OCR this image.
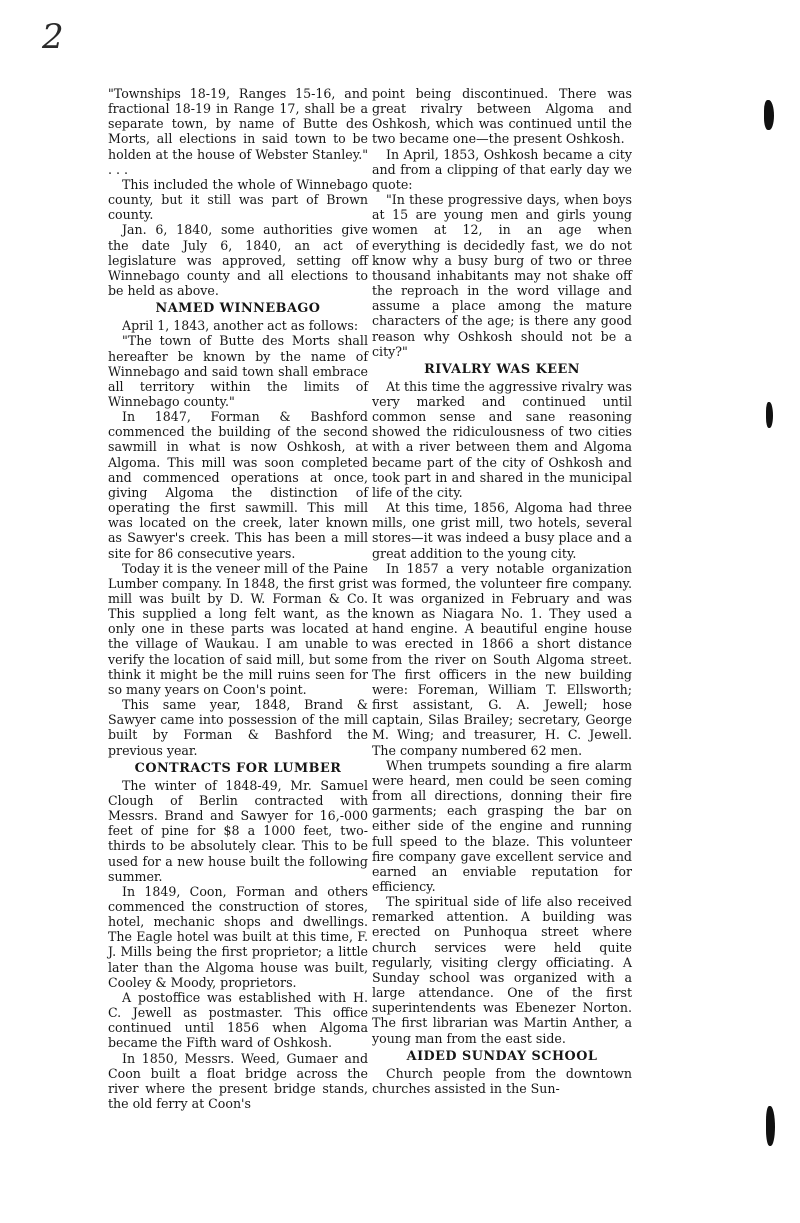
2

"Townships 18-19, Ranges 15-16, and fractional 18-19 in Range 17, shall be a separate town, by name of Butte des Morts, all elections in said town to be holden at the house of Webster Stanley." . . .

This included the whole of Winnebago county, but it still was part of Brown county.

Jan. 6, 1840, some authorities give the date July 6, 1840, an act of legislature was approved, setting off Winnebago county and all elections to be held as above.

NAMED WINNEBAGO

April 1, 1843, another act as follows:

"The town of Butte des Morts shall hereafter be known by the name of Winnebago and said town shall embrace all territory within the limits of Winnebago county."

In 1847, Forman & Bashford commenced the building of the second sawmill in what is now Oshkosh, at Algoma. This mill was soon completed and commenced operations at once, giving Algoma the distinction of operating the first sawmill. This mill was located on the creek, later known as Sawyer's creek. This has been a mill site for 86 consecutive years.

Today it is the veneer mill of the Paine Lumber company. In 1848, the first grist mill was built by D. W. Forman & Co. This supplied a long felt want, as the only one in these parts was located at the village of Waukau. I am unable to verify the location of said mill, but some think it might be the mill ruins seen for so many years on Coon's point.

This same year, 1848, Brand & Sawyer came into possession of the mill built by Forman & Bashford the previous year.

CONTRACTS FOR LUMBER

The winter of 1848-49, Mr. Samuel Clough of Berlin contracted with Messrs. Brand and Sawyer for 16,-000 feet of pine for $8 a 1000 feet, two-thirds to be absolutely clear. This to be used for a new house built the following summer.

In 1849, Coon, Forman and others commenced the construction of stores, hotel, mechanic shops and dwellings. The Eagle hotel was built at this time, F. J. Mills being the first proprietor; a little later than the Algoma house was built, Cooley & Moody, proprietors.

A postoffice was established with H. C. Jewell as postmaster. This office continued until 1856 when Algoma became the Fifth ward of Oshkosh.

In 1850, Messrs. Weed, Gumaer and Coon built a float bridge across the river where the present bridge stands, the old ferry at Coon's

point being discontinued. There was great rivalry between Algoma and Oshkosh, which was continued until the two became one—the present Oshkosh.

In April, 1853, Oshkosh became a city and from a clipping of that early day we quote:

"In these progressive days, when boys at 15 are young men and girls young women at 12, in an age when everything is decidedly fast, we do not know why a busy burg of two or three thousand inhabitants may not shake off the reproach in the word village and assume a place among the mature characters of the age; is there any good reason why Oshkosh should not be a city?"

RIVALRY WAS KEEN

At this time the aggressive rivalry was very marked and continued until common sense and sane reasoning showed the ridiculousness of two cities with a river between them and Algoma became part of the city of Oshkosh and took part in and shared in the municipal life of the city.

At this time, 1856, Algoma had three mills, one grist mill, two hotels, several stores—it was indeed a busy place and a great addition to the young city.

In 1857 a very notable organization was formed, the volunteer fire company. It was organized in February and was known as Niagara No. 1. They used a hand engine. A beautiful engine house was erected in 1866 a short distance from the river on South Algoma street. The first officers in the new building were: Foreman, William T. Ellsworth; first assistant, G. A. Jewell; hose captain, Silas Brailey; secretary, George M. Wing; and treasurer, H. C. Jewell. The company numbered 62 men.

When trumpets sounding a fire alarm were heard, men could be seen coming from all directions, donning their fire garments; each grasping the bar on either side of the engine and running full speed to the blaze. This volunteer fire company gave excellent service and earned an enviable reputation for efficiency.

The spiritual side of life also received remarked attention. A building was erected on Punhoqua street where church services were held quite regularly, visiting clergy officiating. A Sunday school was organized with a large attendance. One of the first superintendents was Ebenezer Norton. The first librarian was Martin Anther, a young man from the east side.

AIDED SUNDAY SCHOOL

Church people from the downtown churches assisted in the Sun-
